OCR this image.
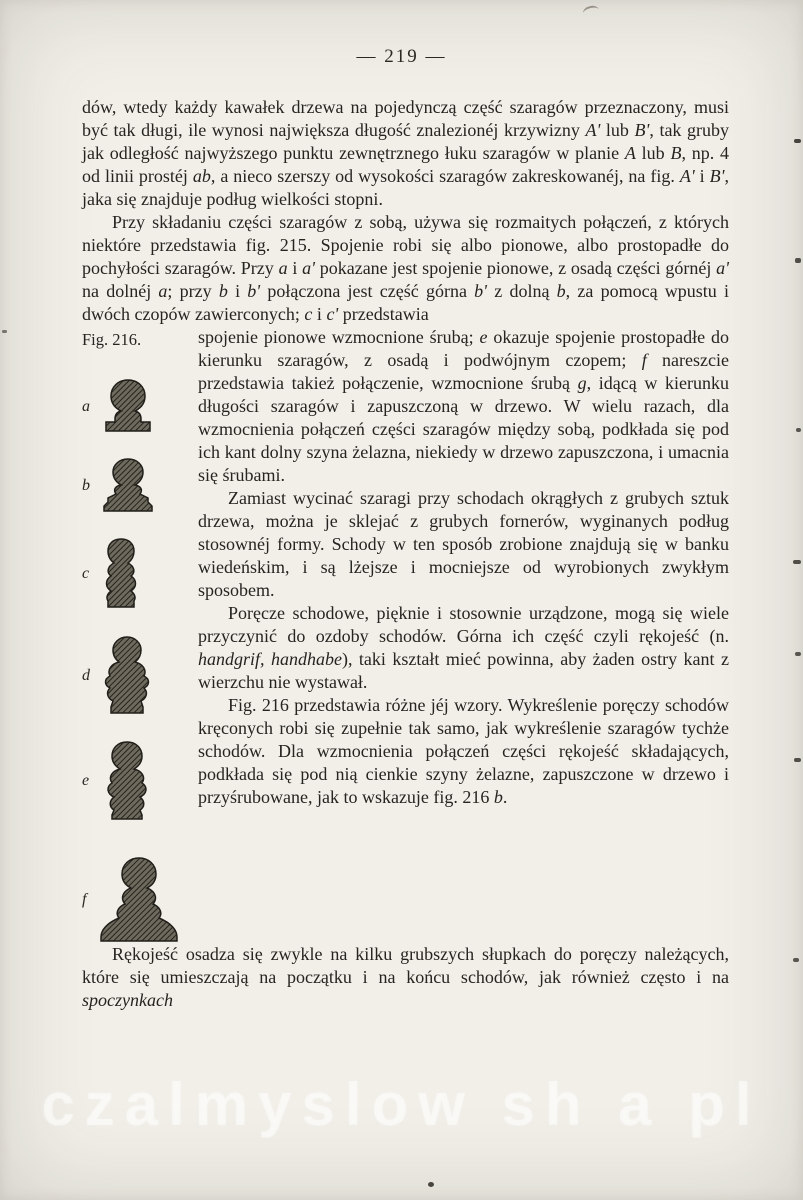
— 219 —

dów, wtedy każdy kawałek drzewa na pojedynczą część szaragów przeznaczony, musi być tak długi, ile wynosi największa długość znalezionéj krzywizny A' lub B', tak gruby jak odległość najwyższego punktu zewnętrznego łuku szaragów w planie A lub B, np. 4 od linii prostéj ab, a nieco szerszy od wysokości szaragów zakreskowanéj, na fig. A' i B', jaka się znajduje podług wielkości stopni.

Przy składaniu części szaragów z sobą, używa się rozmaitych połączeń, z których niektóre przedstawia fig. 215. Spojenie robi się albo pionowe, albo prostopadłe do pochyłości szaragów. Przy a i a' pokazane jest spojenie pionowe, z osadą części górnéj a' na dolnéj a; przy b i b' połączona jest część górna b' z dolną b, za pomocą wpustu i dwóch czopów zawierconych; c i c' przedstawia

Fig. 216.

a
b
c
d
e
f

spojenie pionowe wzmocnione śrubą; e okazuje spojenie prostopadłe do kierunku szaragów, z osadą i podwójnym czopem; f nareszcie przedstawia takież połączenie, wzmocnione śrubą g, idącą w kierunku długości szaragów i zapuszczoną w drzewo. W wielu razach, dla wzmocnienia połączeń części szaragów między sobą, podkłada się pod ich kant dolny szyna żelazna, niekiedy w drzewo zapuszczona, i umacnia się śrubami.

Zamiast wycinać szaragi przy schodach okrągłych z grubych sztuk drzewa, można je sklejać z grubych fornerów, wyginanych podług stosownéj formy. Schody w ten sposób zrobione znajdują się w banku wiedeńskim, i są lżejsze i mocniejsze od wyrobionych zwykłym sposobem.

Poręcze schodowe, pięknie i stosownie urządzone, mogą się wiele przyczynić do ozdoby schodów. Górna ich część czyli rękojeść (n. handgrif, handhabe), taki kształt mieć powinna, aby żaden ostry kant z wierzchu nie wystawał.

Fig. 216 przedstawia różne jéj wzory. Wykreślenie poręczy schodów kręconych robi się zupełnie tak samo, jak wykreślenie szaragów tychże schodów. Dla wzmocnienia połączeń części rękojeść składających, podkłada się pod nią cienkie szyny żelazne, zapuszczone w drzewo i przyśrubowane, jak to wskazuje fig. 216 b.

Rękojeść osadza się zwykle na kilku grubszych słupkach do poręczy należących, które się umieszczają na początku i na końcu schodów, jak również często i na spoczynkach

czalmyslow sh a pl
